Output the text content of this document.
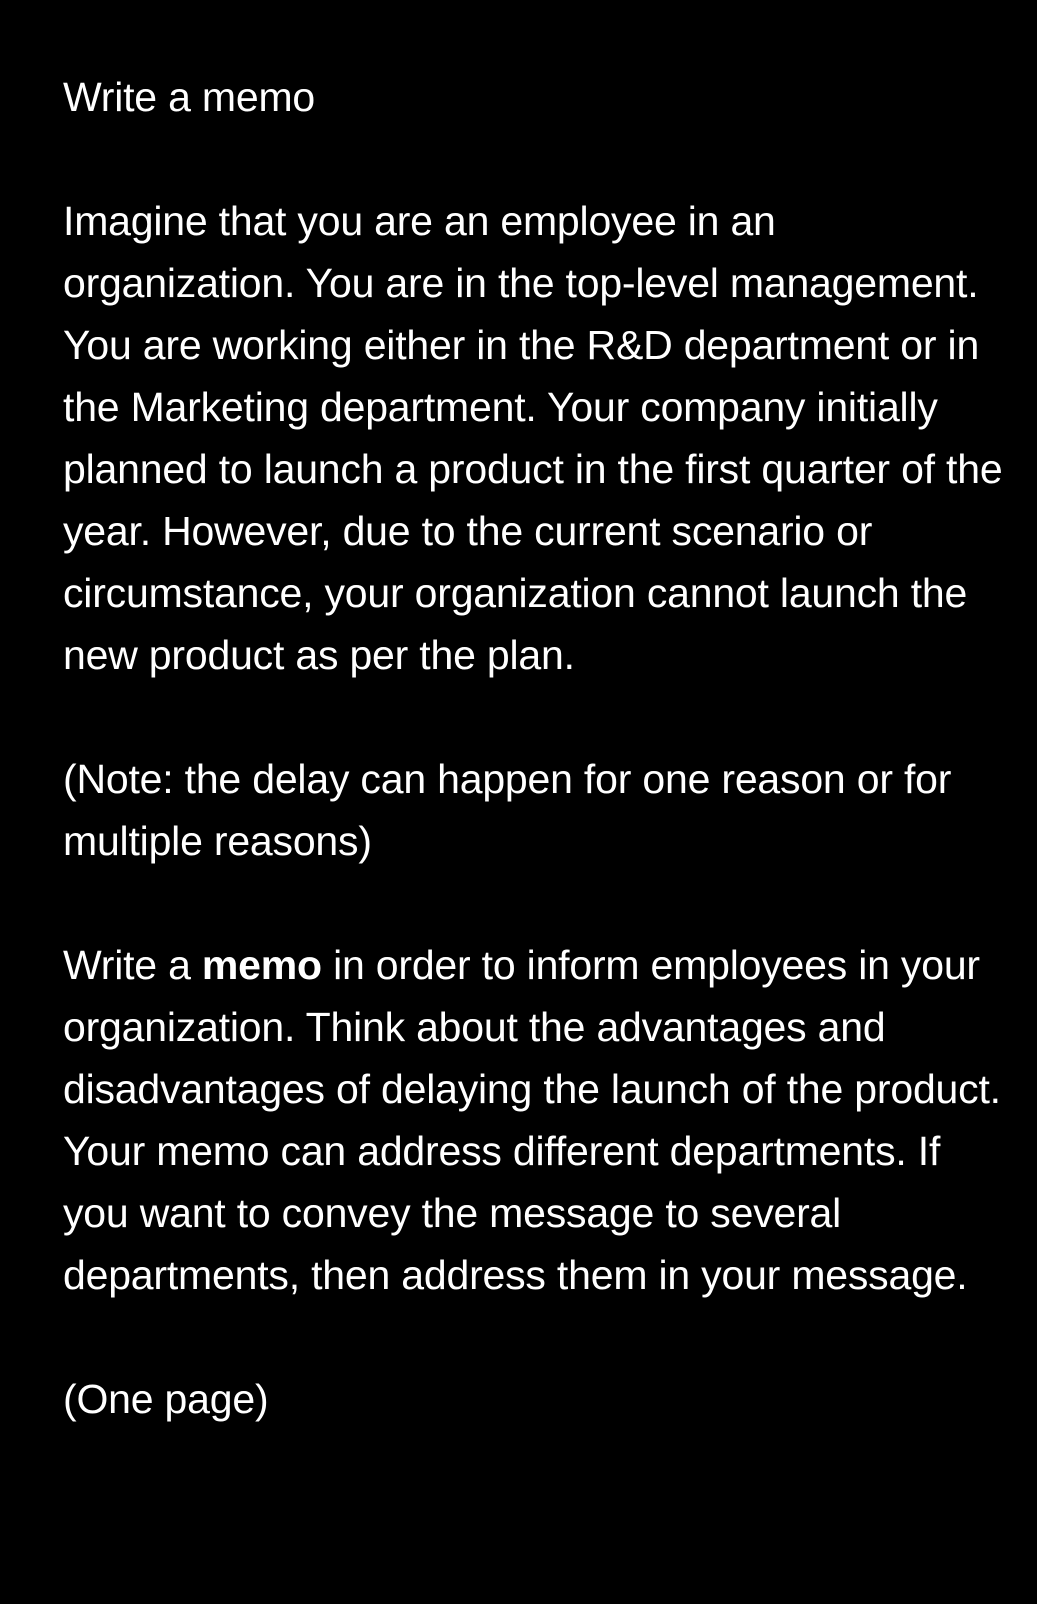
Write a memo

Imagine that you are an employee in an organization. You are in the top-level management. You are working either in the R&D department or in the Marketing department. Your company initially planned to launch a product in the first quarter of the year. However, due to the current scenario or circumstance, your organization cannot launch the new product as per the plan.

(Note: the delay can happen for one reason or for multiple reasons)

Write a memo in order to inform employees in your organization. Think about the advantages and disadvantages of delaying the launch of the product. Your memo can address different departments. If you want to convey the message to several departments, then address them in your message.

(One page)
